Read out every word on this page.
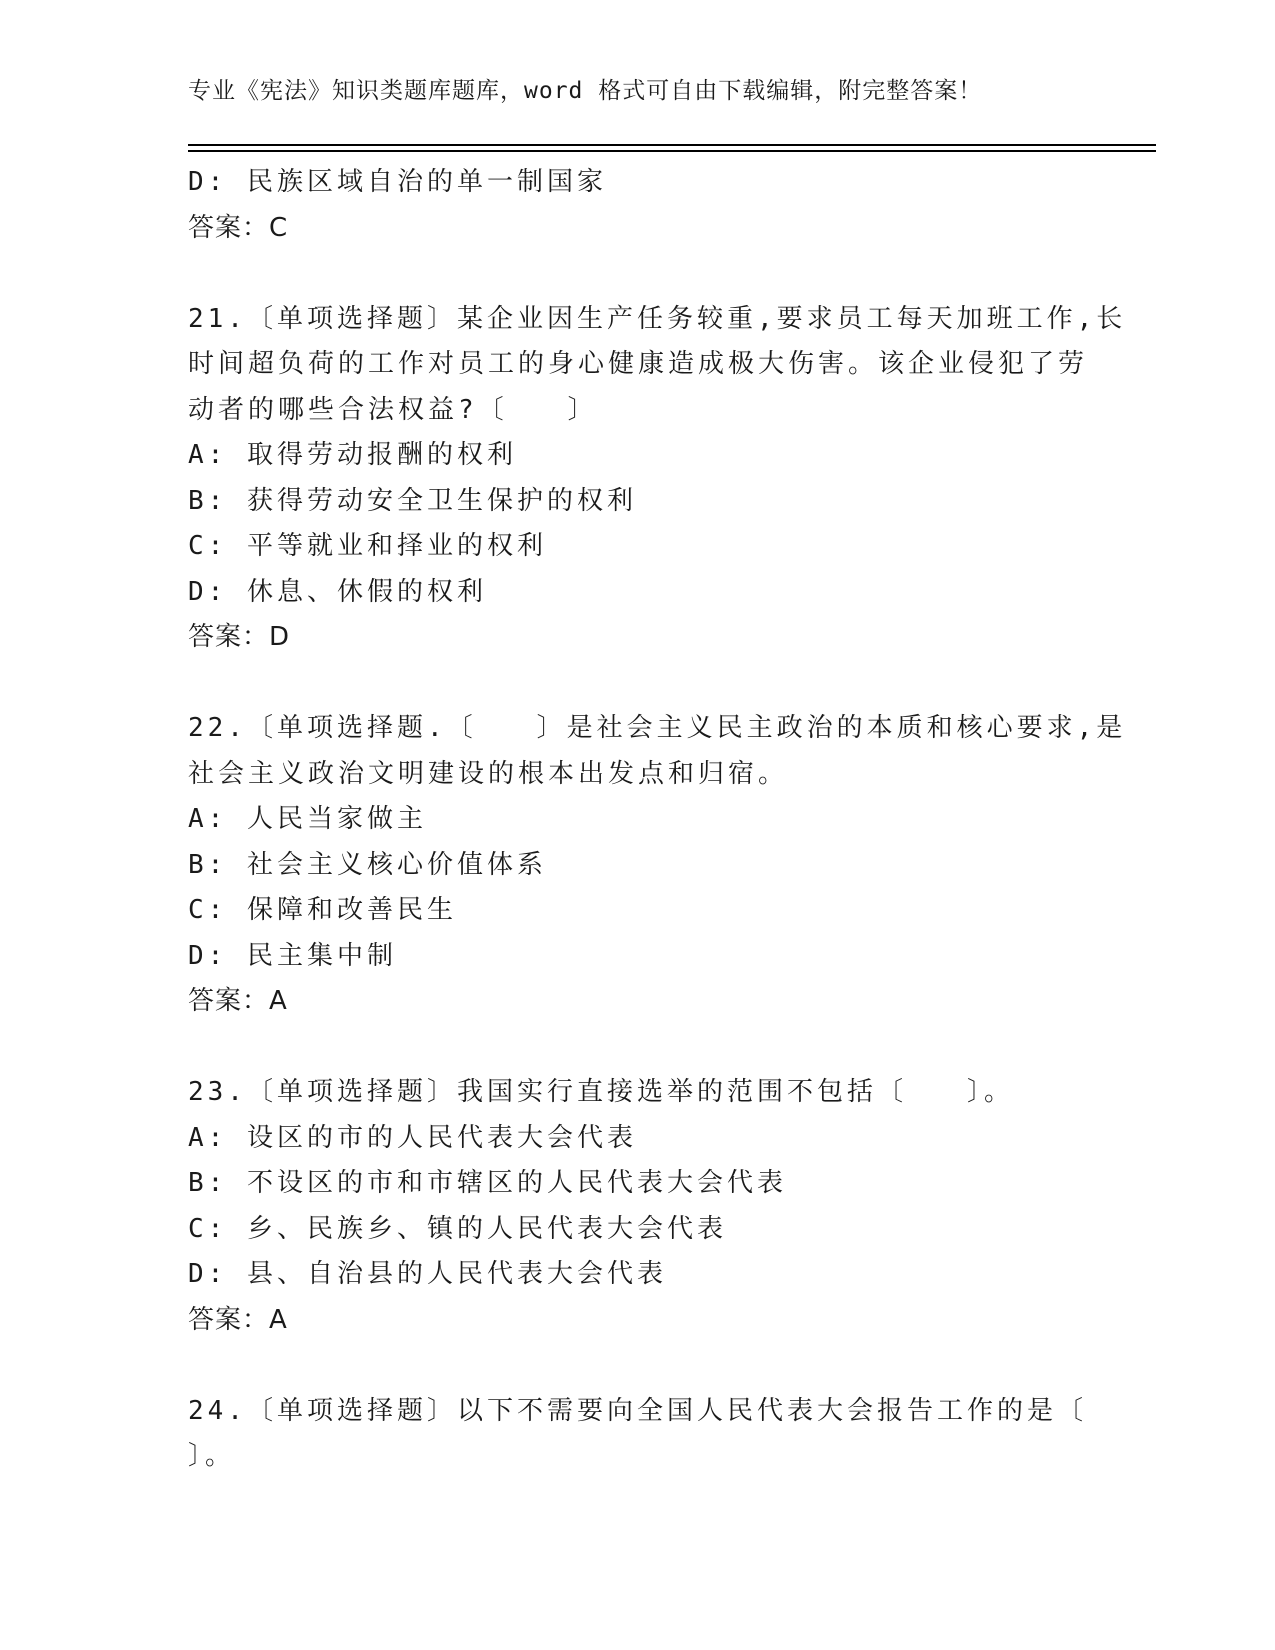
专业《宪法》知识类题库题库，word 格式可自由下载编辑，附完整答案！
D: 民族区域自治的单一制国家
答案：C
21.〔单项选择题〕某企业因生产任务较重,要求员工每天加班工作,长
时间超负荷的工作对员工的身心健康造成极大伤害。该企业侵犯了劳
动者的哪些合法权益?〔　　〕
A: 取得劳动报酬的权利
B: 获得劳动安全卫生保护的权利
C: 平等就业和择业的权利
D: 休息、休假的权利
答案：D
22.〔单项选择题.〔　　〕是社会主义民主政治的本质和核心要求,是
社会主义政治文明建设的根本出发点和归宿。
A: 人民当家做主
B: 社会主义核心价值体系
C: 保障和改善民生
D: 民主集中制
答案：A
23.〔单项选择题〕我国实行直接选举的范围不包括〔　　〕。
A: 设区的市的人民代表大会代表
B: 不设区的市和市辖区的人民代表大会代表
C: 乡、民族乡、镇的人民代表大会代表
D: 县、自治县的人民代表大会代表
答案：A
24.〔单项选择题〕以下不需要向全国人民代表大会报告工作的是〔
〕。
